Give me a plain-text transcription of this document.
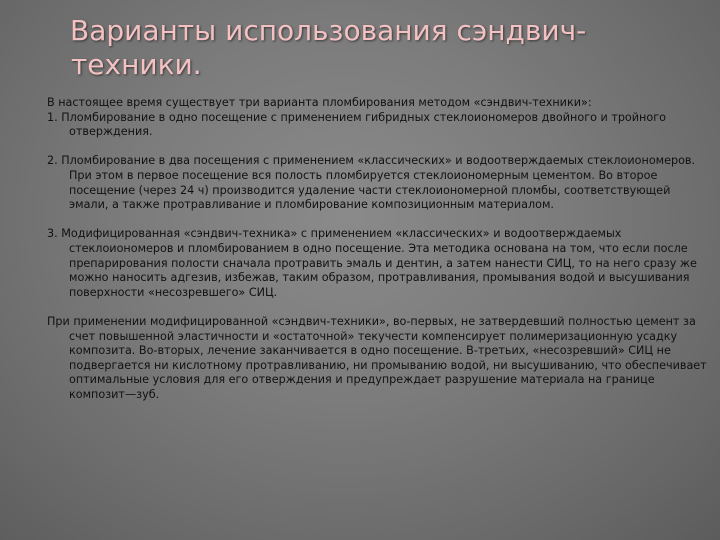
Варианты использования сэндвич-
техники.

В настоящее время существует три варианта пломбирования методом «сэндвич-техники»:

1. Пломбирование в одно посещение с применением гибридных стеклоиономеров двойного и тройного отверждения.

2. Пломбирование в два посещения с применением «классических» и водоотверждаемых стеклоиономеров. При этом в первое посещение вся полость пломбируется стеклоиономерным цементом. Во второе посещение (через 24 ч) производится удаление части стеклоиономерной пломбы, соответствующей эмали, а также протравливание и пломбирование композиционным материалом.

3. Модифицированная «сэндвич-техника» с применением «классических» и водоотверждаемых стеклоиономеров и пломбированием в одно посещение. Эта методика основана на том, что если после препарирования полости сначала протравить эмаль и дентин, а затем нанести СИЦ, то на него сразу же можно наносить адгезив, избежав, таким образом, протравливания, промывания водой и высушивания поверхности «несозревшего» СИЦ.

При применении модифицированной «сэндвич-техники», во-первых, не затвердевший полностью цемент за счет повышенной эластичности и «остаточной» текучести компенсирует полимеризационную усадку композита. Во-вторых, лечение заканчивается в одно посещение. В-третьих, «несозревший» СИЦ не подвергается ни кислотному протравливанию, ни промыванию водой, ни высушиванию, что обеспечивает оптимальные условия для его отверждения и предупреждает разрушение материала на границе композит—зуб.
